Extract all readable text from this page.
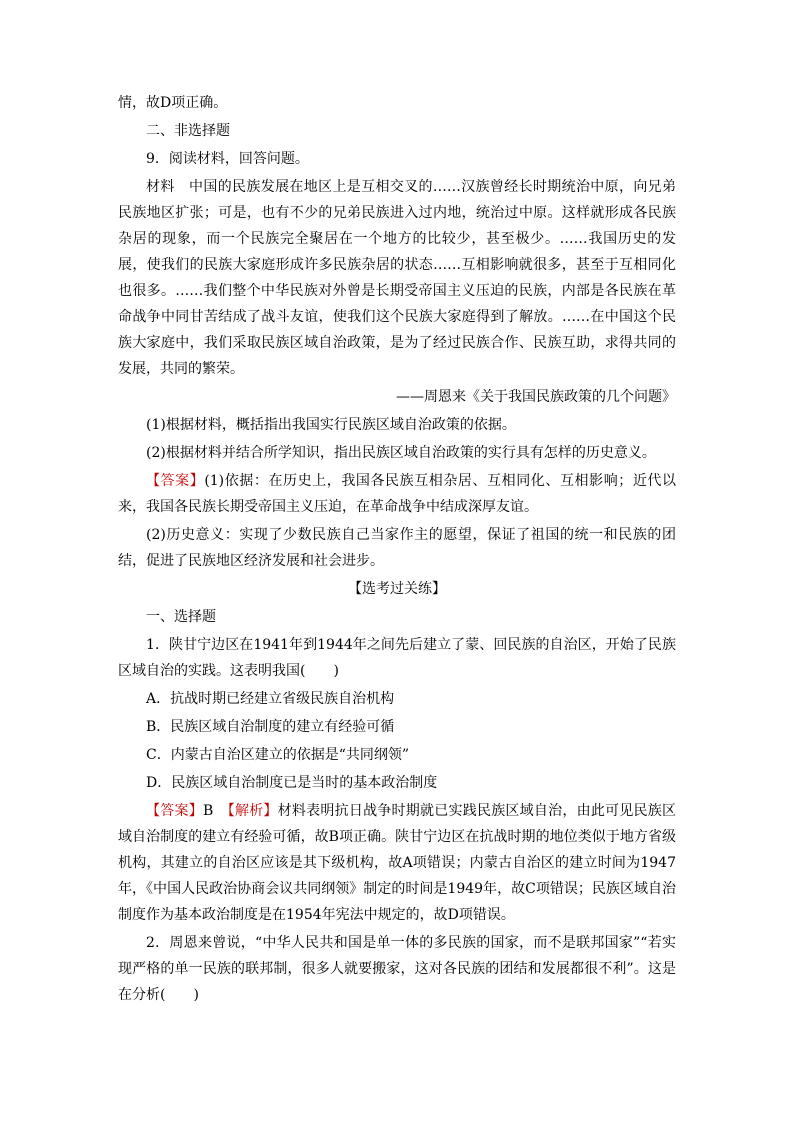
情，故D项正确。

二、非选择题

9．阅读材料，回答问题。

材料　中国的民族发展在地区上是互相交叉的……汉族曾经长时期统治中原，向兄弟民族地区扩张；可是，也有不少的兄弟民族进入过内地，统治过中原。这样就形成各民族杂居的现象，而一个民族完全聚居在一个地方的比较少，甚至极少。……我国历史的发展，使我们的民族大家庭形成许多民族杂居的状态……互相影响就很多，甚至于互相同化也很多。……我们整个中华民族对外曾是长期受帝国主义压迫的民族，内部是各民族在革命战争中同甘苦结成了战斗友谊，使我们这个民族大家庭得到了解放。……在中国这个民族大家庭中，我们采取民族区域自治政策，是为了经过民族合作、民族互助，求得共同的发展，共同的繁荣。

——周恩来《关于我国民族政策的几个问题》

(1)根据材料，概括指出我国实行民族区域自治政策的依据。

(2)根据材料并结合所学知识，指出民族区域自治政策的实行具有怎样的历史意义。

【答案】(1)依据：在历史上，我国各民族互相杂居、互相同化、互相影响；近代以来，我国各民族长期受帝国主义压迫，在革命战争中结成深厚友谊。

(2)历史意义：实现了少数民族自己当家作主的愿望，保证了祖国的统一和民族的团结，促进了民族地区经济发展和社会进步。

【选考过关练】

一、选择题

1．陕甘宁边区在1941年到1944年之间先后建立了蒙、回民族的自治区，开始了民族区域自治的实践。这表明我国(　　)

A．抗战时期已经建立省级民族自治机构

B．民族区域自治制度的建立有经验可循

C．内蒙古自治区建立的依据是“共同纲领”

D．民族区域自治制度已是当时的基本政治制度

【答案】B　【解析】材料表明抗日战争时期就已实践民族区域自治，由此可见民族区域自治制度的建立有经验可循，故B项正确。陕甘宁边区在抗战时期的地位类似于地方省级机构，其建立的自治区应该是其下级机构，故A项错误；内蒙古自治区的建立时间为1947年，《中国人民政治协商会议共同纲领》制定的时间是1949年，故C项错误；民族区域自治制度作为基本政治制度是在1954年宪法中规定的，故D项错误。

2．周恩来曾说，“中华人民共和国是单一体的多民族的国家，而不是联邦国家”“若实现严格的单一民族的联邦制，很多人就要搬家，这对各民族的团结和发展都很不利”。这是在分析(　　)
